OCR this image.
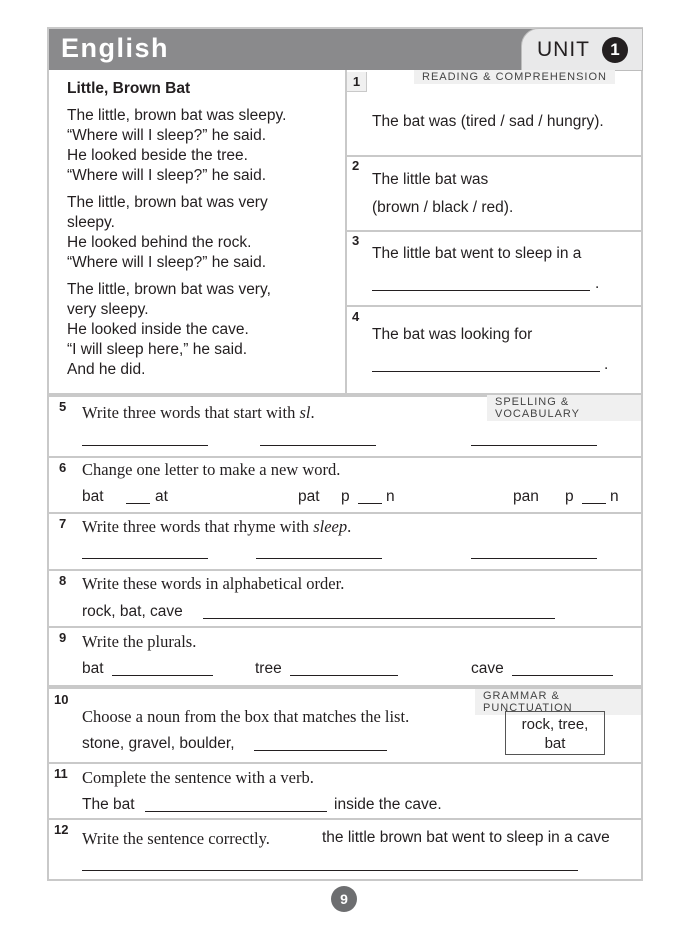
English	UNIT	1
Little, Brown Bat

The little, brown bat was sleepy.
“Where will I sleep?” he said.
He looked beside the tree.
“Where will I sleep?” he said.

The little, brown bat was very
sleepy.
He looked behind the rock.
“Where will I sleep?” he said.

The little, brown bat was very,
very sleepy.
He looked inside the cave.
“I will sleep here,” he said.
And he did.

READING & COMPREHENSION
1
The bat was (tired / sad / hungry).
2
The little bat was
(brown / black / red).
3
The little bat went to sleep in a
.
4
The bat was looking for
.
SPELLING & VOCABULARY
5 Write three words that start with sl.
6 Change one letter to make a new word.
bat	at	pat p n	pan p n
7 Write three words that rhyme with sleep.
8 Write these words in alphabetical order.
rock, bat, cave
9 Write the plurals.
bat	tree	cave
GRAMMAR & PUNCTUATION
10
Choose a noun from the box that matches the list.
stone, gravel, boulder,
rock, tree,
bat
11 Complete the sentence with a verb.
The bat	inside the cave.
12 Write the sentence correctly.	the little brown bat went to sleep in a cave
9
